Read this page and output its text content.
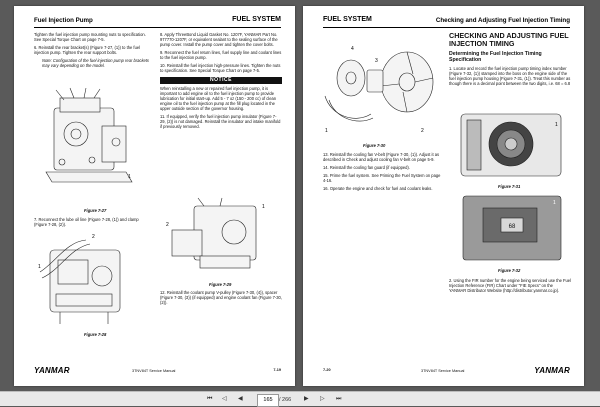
Fuel Injection Pump	FUEL SYSTEM

Tighten the fuel injection pump mounting nuts to specification. See Special Torque Chart on page 7-5.

6. Reinstall the rear bracket(s) (Figure 7-27, (1)) to the fuel injection pump. Tighten the rear support bolts.

Note: Configuration of the fuel injection pump rear brackets may vary depending on the model.

1
Figure 7-27

7. Reconnect the lube oil line (Figure 7-28, (1)) and clamp (Figure 7-28, (2)).

1
2
Figure 7-28

8. Apply ThreeBond Liquid Gasket No. 1207F, YANMAR Part No. 977770-1207F, or equivalent sealant to the sealing surface of the pump cover. Install the pump cover and tighten the cover bolts.

9. Reconnect the fuel return lines, fuel supply line and coolant lines to the fuel injection pump.

10. Reinstall the fuel injection high-pressure lines. Tighten the nuts to specification. See Special Torque Chart on page 7-5.

NOTICE

When reinstalling a new or repaired fuel injection pump, it is important to add engine oil to the fuel injection pump to provide lubrication for initial start-up. Add 5 - 7 oz (150 - 200 cc) of clean engine oil to the fuel injection pump at the fill plug located in the upper outside section of the governor housing.

11. If equipped, verify the fuel injection pump insulator (Figure 7-29, (2)) is not damaged. Reinstall the insulator and intake manifold if previously removed.

2
1
Figure 7-29

12. Reinstall the coolant pump V-pulley (Figure 7-30, (4)), spacer (Figure 7-30, (3)) (if equipped) and engine coolant fan (Figure 7-30, (2)).

YANMAR	3TNV84T Service Manual	7-19
FUEL SYSTEM	Checking and Adjusting Fuel Injection Timing
1	2
4
3
Figure 7-30

13. Reinstall the cooling fan V-belt (Figure 7-30, (1)). Adjust it as described in Check and adjust cooling fan V-belt on page 5-9.

14. Reinstall the cooling fan guard (if equipped).

15. Prime the fuel system. See Priming the Fuel System on page 4-16.

16. Operate the engine and check for fuel and coolant leaks.

CHECKING AND ADJUSTING FUEL INJECTION TIMING
Determining the Fuel Injection Timing Specification

1. Locate and record the fuel injection pump timing index number (Figure 7-32, (1)) stamped into the boss on the engine side of the fuel injection pump housing (Figure 7-31, (1)). Treat this number as though there is a decimal point between the two digits, i.e. 68 = 6.8

1
Figure 7-31
68
1
Figure 7-32

2. Using the FIR number for the engine being serviced use the Fuel Injection Reference (FIR) Chart under "FIE Specs" on the YANMAR Distributor Website (http://distributor.yanmar.co.jp).

7-20	3TNV84T Service Manual	YANMAR
⏮ ◁ ◀
165	/ 266 ▶ ▷ ⏭
